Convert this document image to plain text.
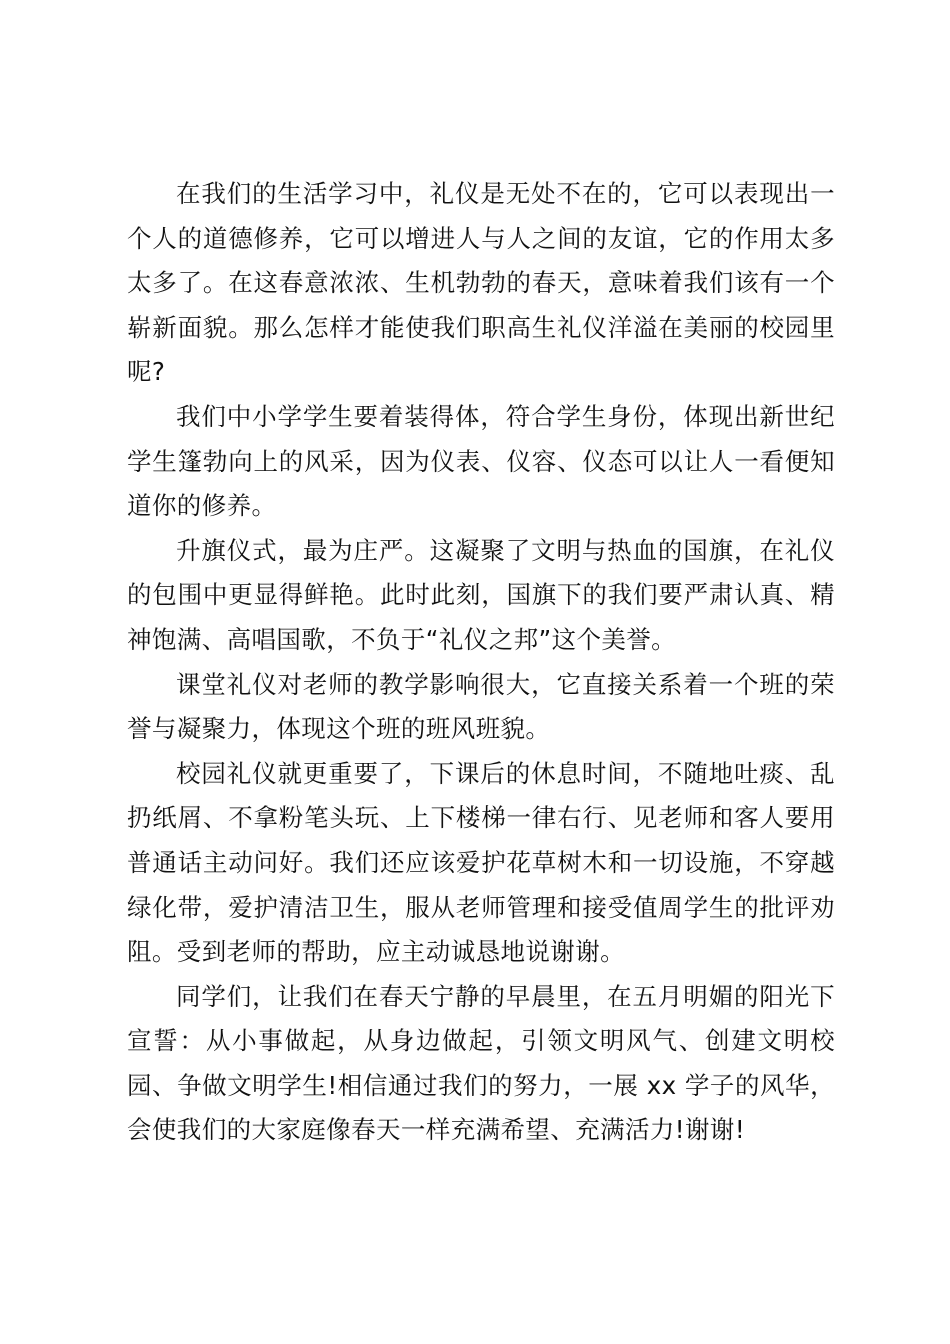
在我们的生活学习中，礼仪是无处不在的，它可以表现出一个人的道德修养，它可以增进人与人之间的友谊，它的作用太多太多了。在这春意浓浓、生机勃勃的春天，意味着我们该有一个崭新面貌。那么怎样才能使我们职高生礼仪洋溢在美丽的校园里呢?

我们中小学学生要着装得体，符合学生身份，体现出新世纪学生篷勃向上的风采，因为仪表、仪容、仪态可以让人一看便知道你的修养。

升旗仪式，最为庄严。这凝聚了文明与热血的国旗，在礼仪的包围中更显得鲜艳。此时此刻，国旗下的我们要严肃认真、精神饱满、高唱国歌，不负于“礼仪之邦”这个美誉。

课堂礼仪对老师的教学影响很大，它直接关系着一个班的荣誉与凝聚力，体现这个班的班风班貌。

校园礼仪就更重要了，下课后的休息时间，不随地吐痰、乱扔纸屑、不拿粉笔头玩、上下楼梯一律右行、见老师和客人要用普通话主动问好。我们还应该爱护花草树木和一切设施，不穿越绿化带，爱护清洁卫生，服从老师管理和接受值周学生的批评劝阻。受到老师的帮助，应主动诚恳地说谢谢。

同学们，让我们在春天宁静的早晨里，在五月明媚的阳光下宣誓：从小事做起，从身边做起，引领文明风气、创建文明校园、争做文明学生!相信通过我们的努力，一展 xx 学子的风华，会使我们的大家庭像春天一样充满希望、充满活力!谢谢!
